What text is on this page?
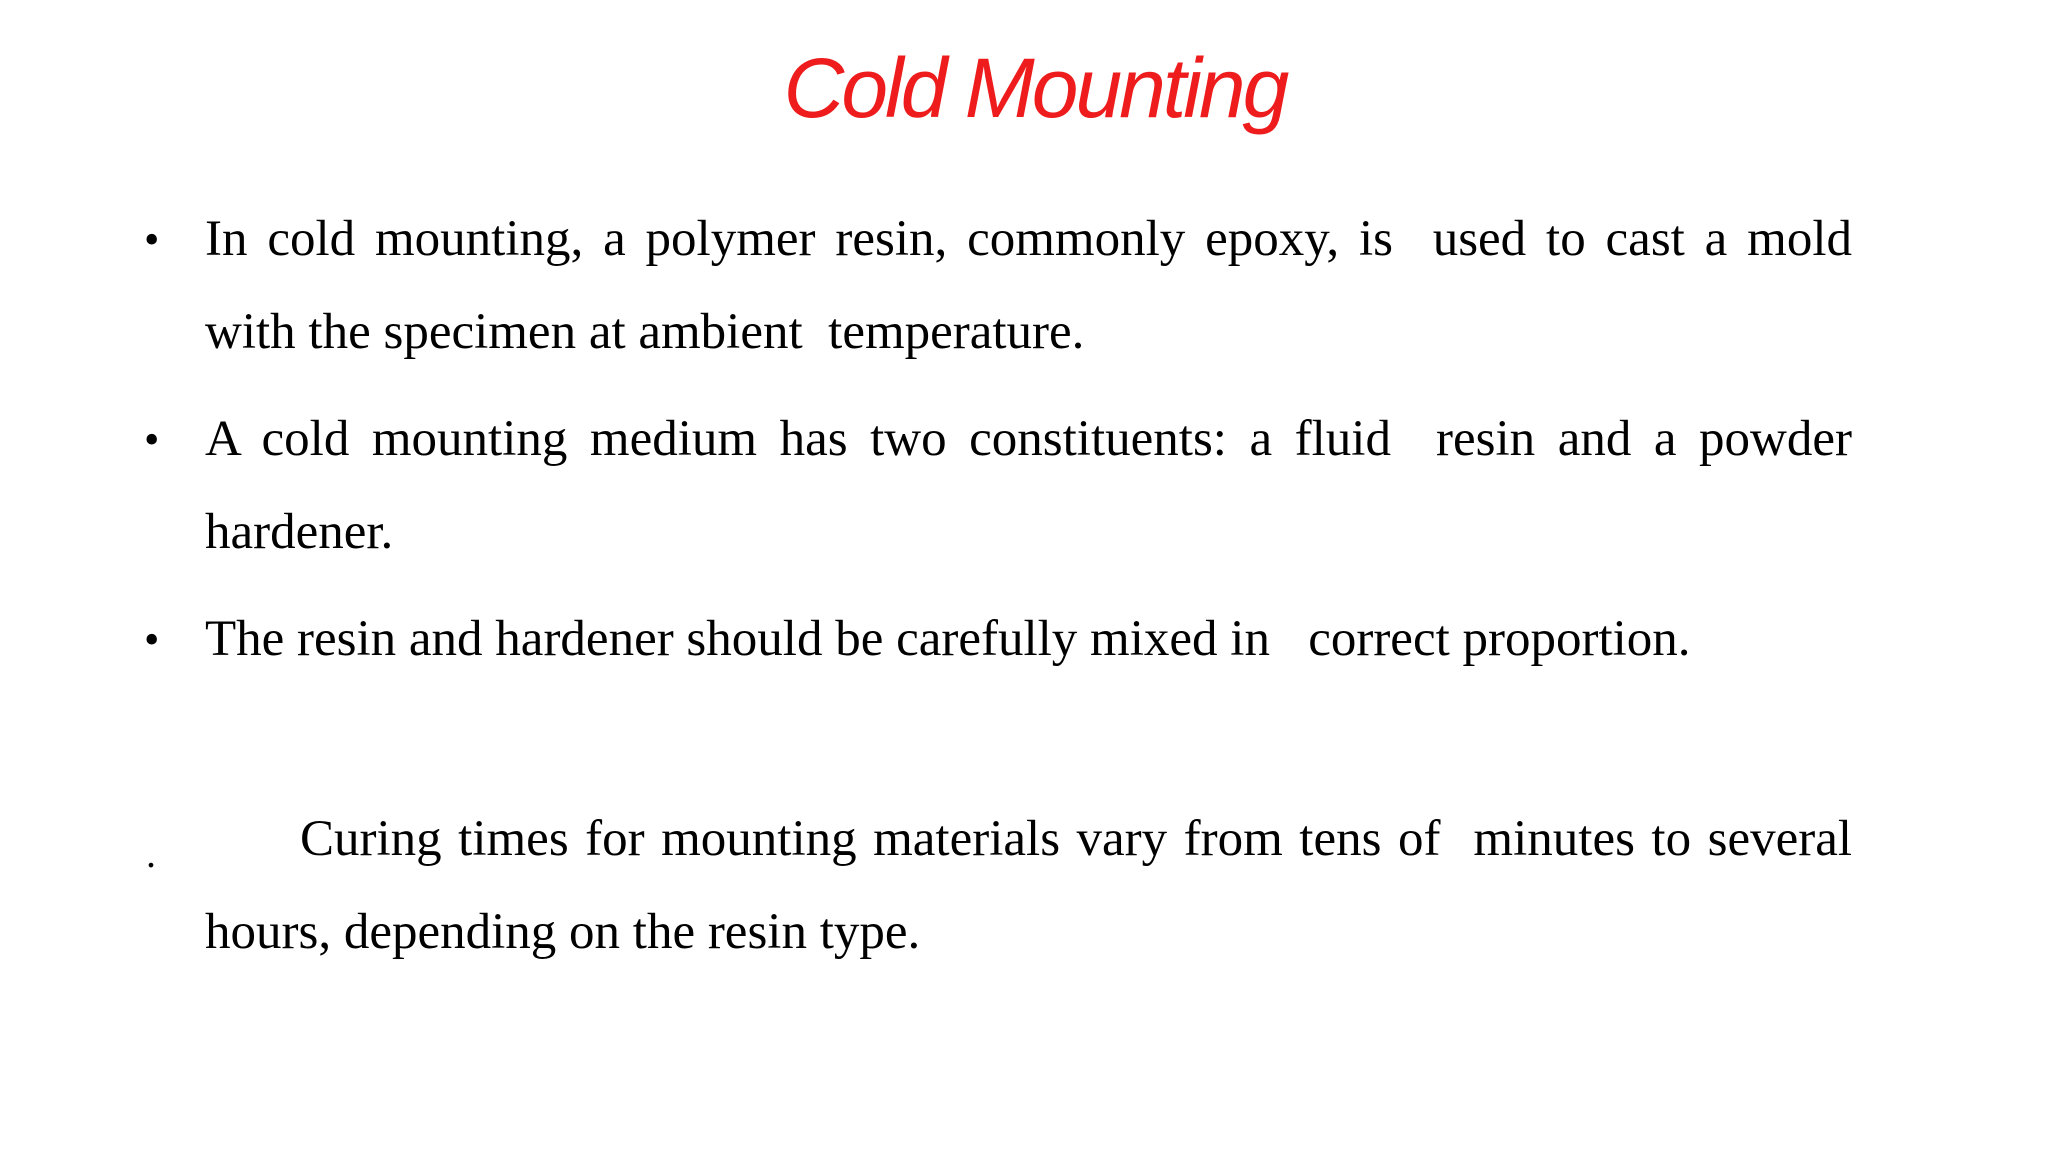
Cold Mounting
• In cold mounting, a polymer resin, commonly epoxy, is  used to cast a mold with the specimen at ambient  temperature.

• A cold mounting medium has two constituents: a fluid  resin and a powder hardener.

• The resin and hardener should be carefully mixed in   correct proportion.

.	Curing times for mounting materials vary from tens of  minutes to several hours, depending on the resin type.
